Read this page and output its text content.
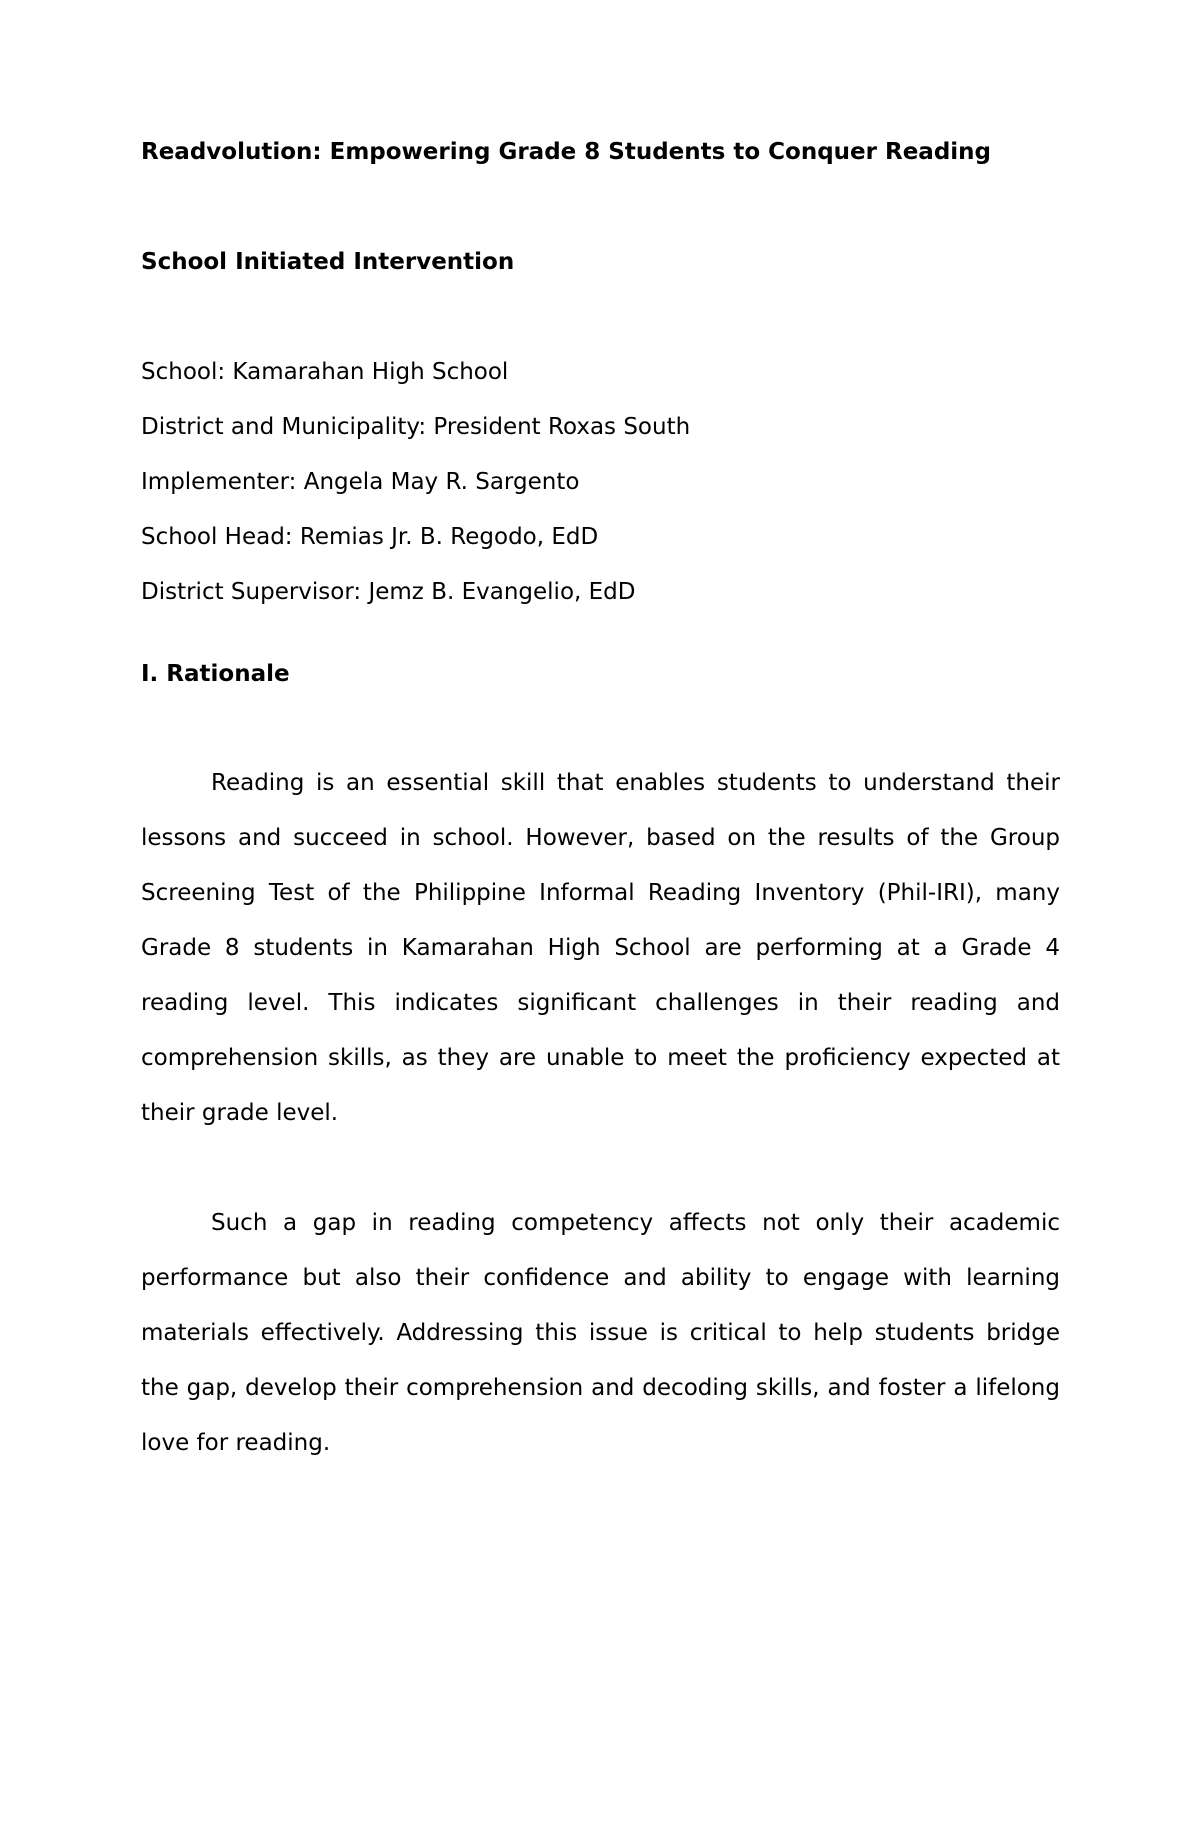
Readvolution: Empowering Grade 8 Students to Conquer Reading

School Initiated Intervention

School: Kamarahan High School
District and Municipality: President Roxas South
Implementer: Angela May R. Sargento
School Head: Remias Jr. B. Regodo, EdD
District Supervisor: Jemz B. Evangelio, EdD

I. Rationale

Reading is an essential skill that enables students to understand their lessons and succeed in school. However, based on the results of the Group Screening Test of the Philippine Informal Reading Inventory (Phil-IRI), many Grade 8 students in Kamarahan High School are performing at a Grade 4 reading level. This indicates significant challenges in their reading and comprehension skills, as they are unable to meet the proficiency expected at their grade level.

Such a gap in reading competency affects not only their academic performance but also their confidence and ability to engage with learning materials effectively. Addressing this issue is critical to help students bridge the gap, develop their comprehension and decoding skills, and foster a lifelong love for reading.
